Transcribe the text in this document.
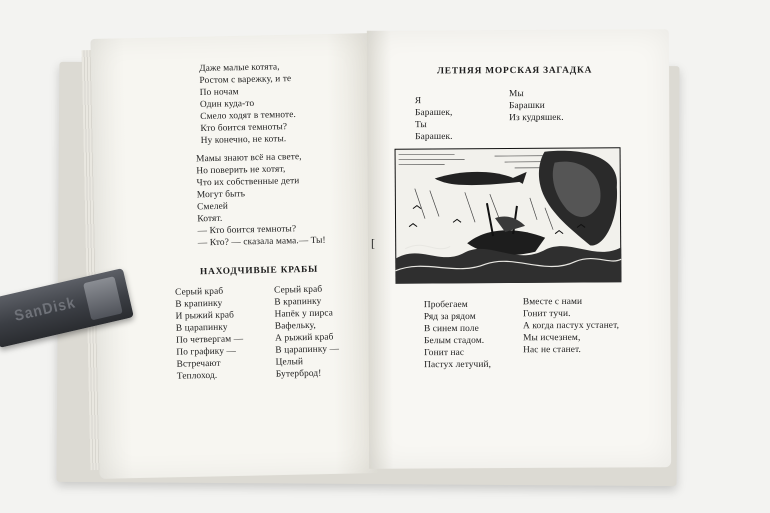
Даже малые котята,
Ростом с варежку, и те
По ночам
Один куда-то
Смело ходят в темноте.
Кто боится темноты?
Ну конечно, не коты.
Мамы знают всё на свете,
Но поверить не хотят,
Что их собственные дети
Могут быть
Смелей
Котят.
— Кто боится темноты?
— Кто? — сказала мама.— Ты!
НАХОДЧИВЫЕ КРАБЫ
Серый краб
В крапинку
И рыжий краб
В царапинку
По четвергам —
По графику —
Встречают
Теплоход.
Серый краб
В крапинку
Напёк у пирса
Вафельку,
А рыжий краб
В царапинку —
Целый
Бутерброд!
ЛЕТНЯЯ МОРСКАЯ ЗАГАДКА
Я
Барашек,
Ты
Барашек.
Мы
Барашки
Из кудряшек.
Пробегаем
Ряд за рядом
В синем поле
Белым стадом.
Гонит нас
Пастух летучий,
Вместе с нами
Гонит тучи.
А когда пастух устанет,
Мы исчезнем,
Нас не станет.
[
SanDisk
